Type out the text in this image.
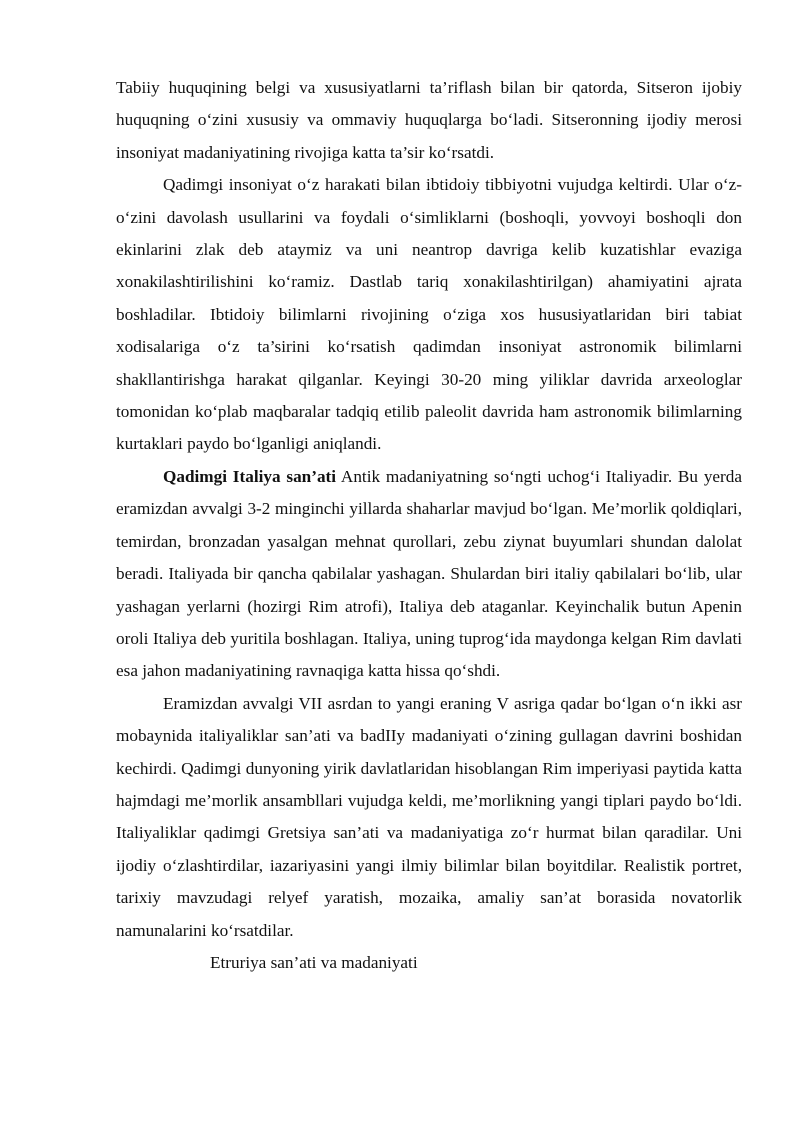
Tabiiy huquqining belgi va xususiyatlarni ta’riflash bilan bir qatorda, Sitseron ijobiy huquqning o‘zini xususiy va ommaviy huquqlarga bo‘ladi. Sitseronning ijodiy merosi insoniyat madaniyatining rivojiga katta ta’sir ko‘rsatdi.

Qadimgi insoniyat o‘z harakati bilan ibtidoiy tibbiyotni vujudga keltirdi. Ular o‘z-o‘zini davolash usullarini va foydali o‘simliklarni (boshoqli, yovvoyi boshoqli don ekinlarini zlak deb ataymiz va uni neantrop davriga kelib kuzatishlar evaziga xonakilashtirilishini ko‘ramiz. Dastlab tariq xonakilashtirilgan) ahamiyatini ajrata boshladilar. Ibtidoiy bilimlarni rivojining o‘ziga xos hususiyatlaridan biri tabiat xodisalariga o‘z ta’sirini ko‘rsatish qadimdan insoniyat astronomik bilimlarni shakllantirishga harakat qilganlar. Keyingi 30-20 ming yiliklar davrida arxeologlar tomonidan ko‘plab maqbaralar tadqiq etilib paleolit davrida ham astronomik bilimlarning kurtaklari paydo bo‘lganligi aniqlandi.

Qadimgi Italiya san’ati Antik madaniyatning so‘ngti uchog‘i Italiyadir. Bu yerda eramizdan avvalgi 3-2 minginchi yillarda shaharlar mavjud bo‘lgan. Me’morlik qoldiqlari, temirdan, bronzadan yasalgan mehnat qurollari, zebu ziynat buyumlari shundan dalolat beradi. Italiyada bir qancha qabilalar yashagan. Shulardan biri italiy qabilalari bo‘lib, ular yashagan yerlarni (hozirgi Rim atrofi), Italiya deb ataganlar. Keyinchalik butun Apenin oroli Italiya deb yuritila boshlagan. Italiya, uning tuprog‘ida maydonga kelgan Rim davlati esa jahon madaniyatining ravnaqiga katta hissa qo‘shdi.

Eramizdan avvalgi VII asrdan to yangi eraning V asriga qadar bo‘lgan o‘n ikki asr mobaynida italiyaliklar san’ati va badIIy madaniyati o‘zining gullagan davrini boshidan kechirdi. Qadimgi dunyoning yirik davlatlaridan hisoblangan Rim imperiyasi paytida katta hajmdagi me’morlik ansambllari vujudga keldi, me’morlikning yangi tiplari paydo bo‘ldi. Italiyaliklar qadimgi Gretsiya san’ati va madaniyatiga zo‘r hurmat bilan qaradilar. Uni ijodiy o‘zlashtirdilar, iazariyasini yangi ilmiy bilimlar bilan boyitdilar. Realistik portret, tarixiy mavzudagi relyef yaratish, mozaika, amaliy san’at borasida novatorlik namunalarini ko‘rsatdilar.

Etruriya san’ati va madaniyati
